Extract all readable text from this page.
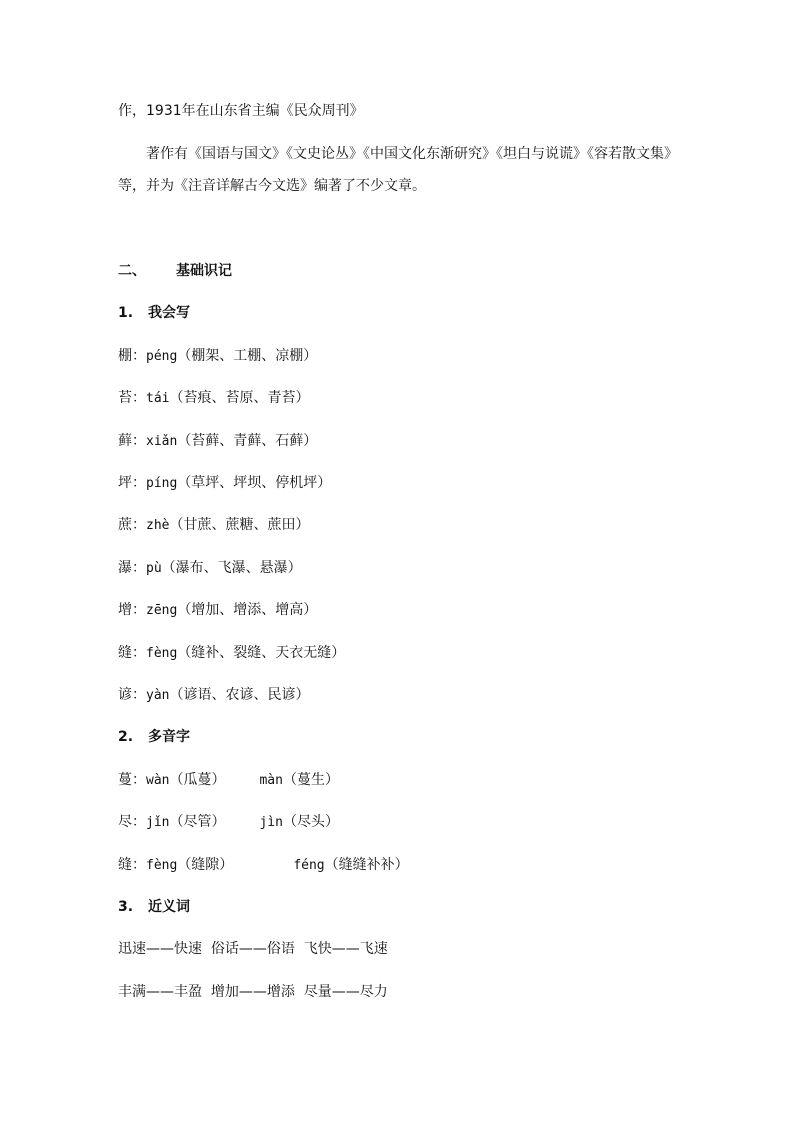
作，1931年在山东省主编《民众周刊》
著作有《国语与国文》《文史论丛》《中国文化东渐研究》《坦白与说谎》《容若散文集》
等，并为《注音详解古今文选》编著了不少文章。
二、 基础识记
1. 我会写
棚：péng（棚架、工棚、凉棚）
苔：tái（苔痕、苔原、青苔）
藓：xiǎn（苔藓、青藓、石藓）
坪：píng（草坪、坪坝、停机坪）
蔗：zhè（甘蔗、蔗糖、蔗田）
瀑：pù（瀑布、飞瀑、悬瀑）
增：zēng（增加、增添、增高）
缝：fèng（缝补、裂缝、天衣无缝）
谚：yàn（谚语、农谚、民谚）
2. 多音字
蔓：wàn（瓜蔓）	màn（蔓生）
尽：jǐn（尽管）	jìn（尽头）
缝：fèng（缝隙）	féng（缝缝补补）
3. 近义词
迅速——快速  俗话——俗语  飞快——飞速
丰满——丰盈  增加——增添  尽量——尽力
